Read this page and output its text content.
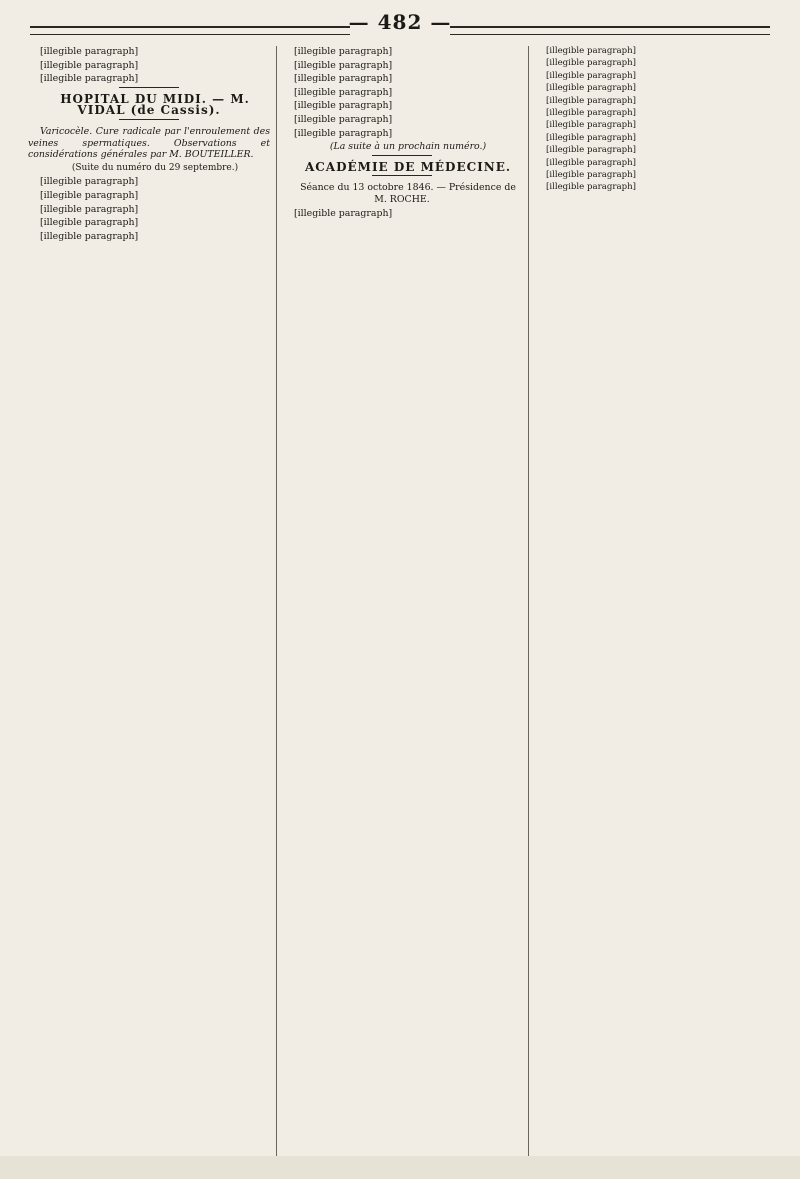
— 482 —

[illegible paragraph]

[illegible paragraph]

[illegible paragraph]

HOPITAL DU MIDI. — M. VIDAL (de Cassis).

Varicocèle. Cure radicale par l'enroulement des veines spermatiques. Observations et considérations générales par M. BOUTEILLER.

(Suite du numéro du 29 septembre.)

[illegible paragraph]

[illegible paragraph]

[illegible paragraph]

[illegible paragraph]

[illegible paragraph]

[illegible paragraph]

[illegible paragraph]

[illegible paragraph]

[illegible paragraph]

[illegible paragraph]

[illegible paragraph]

[illegible paragraph]

(La suite à un prochain numéro.)

ACADÉMIE DE MÉDECINE.

Séance du 13 octobre 1846. — Présidence de M. ROCHE.

[illegible paragraph]

[illegible paragraph]

[illegible paragraph]

[illegible paragraph]

[illegible paragraph]

[illegible paragraph]

[illegible paragraph]

[illegible paragraph]

[illegible paragraph]

[illegible paragraph]

[illegible paragraph]

[illegible paragraph]

[illegible paragraph]
